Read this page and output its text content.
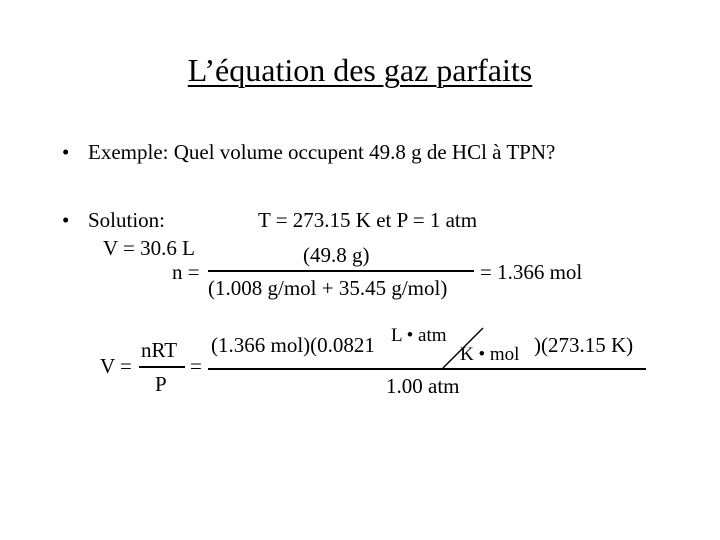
L’équation des gaz parfaits
• Exemple: Quel volume occupent 49.8 g de HCl à TPN?
• Solution:	T = 273.15 K et P = 1 atm
V = 30.6 L
n =
(49.8 g)
(1.008 g/mol + 35.45 g/mol)
= 1.366 mol
V =
nRT
P
=
(1.366 mol)(0.0821 L • atm
K • mol )(273.15 K)
1.00 atm
